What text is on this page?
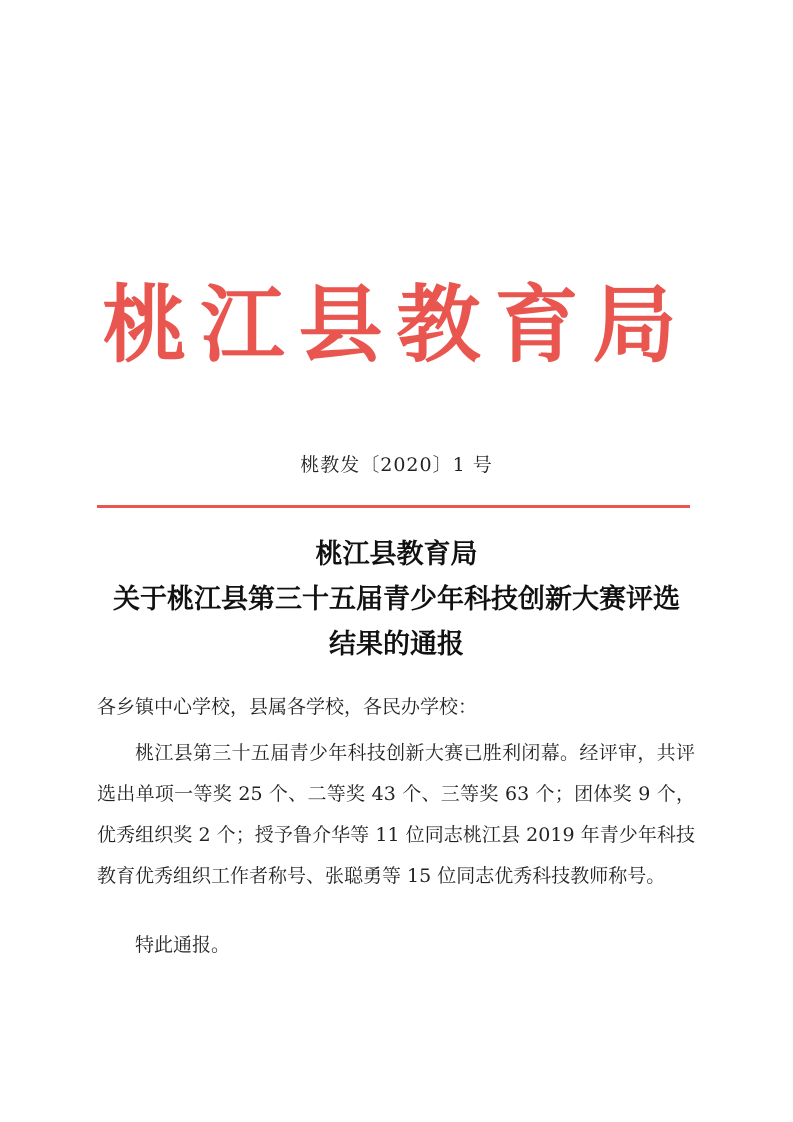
桃江县教育局
桃教发〔2020〕1 号
桃江县教育局
关于桃江县第三十五届青少年科技创新大赛评选
结果的通报
各乡镇中心学校，县属各学校，各民办学校：
桃江县第三十五届青少年科技创新大赛已胜利闭幕。经评审，共评选出单项一等奖 25 个、二等奖 43 个、三等奖 63 个；团体奖 9 个，优秀组织奖 2 个；授予鲁介华等 11 位同志桃江县 2019 年青少年科技教育优秀组织工作者称号、张聪勇等 15 位同志优秀科技教师称号。
特此通报。
